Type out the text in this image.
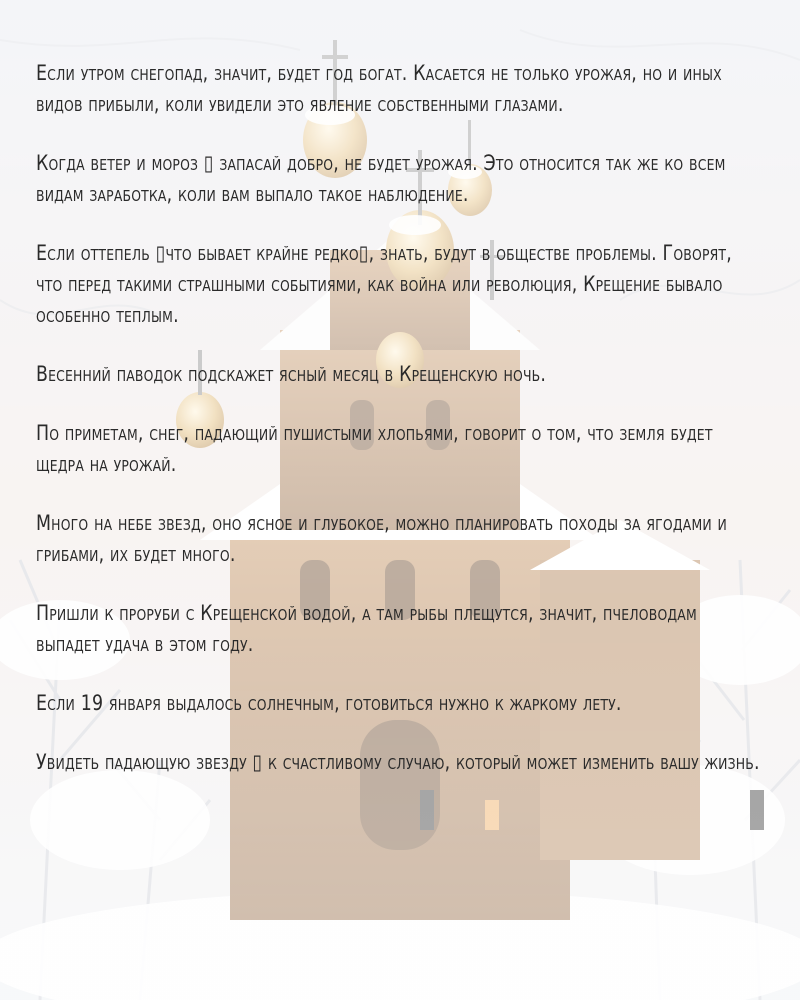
Если утром снегопад, значит, будет год богат. Касается не только урожая, но и иных видов прибыли, коли увидели это явление собственными глазами.

Когда ветер и мороз ▯ запасай добро, не будет урожая. Это относится так же ко всем видам заработка, коли вам выпало такое наблюдение.

Если оттепель ▯что бывает крайне редко▯, знать, будут в обществе проблемы. Говорят, что перед такими страшными событиями, как война или революция, Крещение бывало особенно теплым.

Весенний паводок подскажет ясный месяц в Крещенскую ночь.

По приметам, снег, падающий пушистыми хлопьями, говорит о том, что земля будет щедра на урожай.

Много на небе звезд, оно ясное и глубокое, можно планировать походы за ягодами и грибами, их будет много.

Пришли к проруби с Крещенской водой, а там рыбы плещутся, значит, пчеловодам выпадет удача в этом году.

Если 19 января выдалось солнечным, готовиться нужно к жаркому лету.

Увидеть падающую звезду ▯ к счастливому случаю, который может изменить вашу жизнь.
